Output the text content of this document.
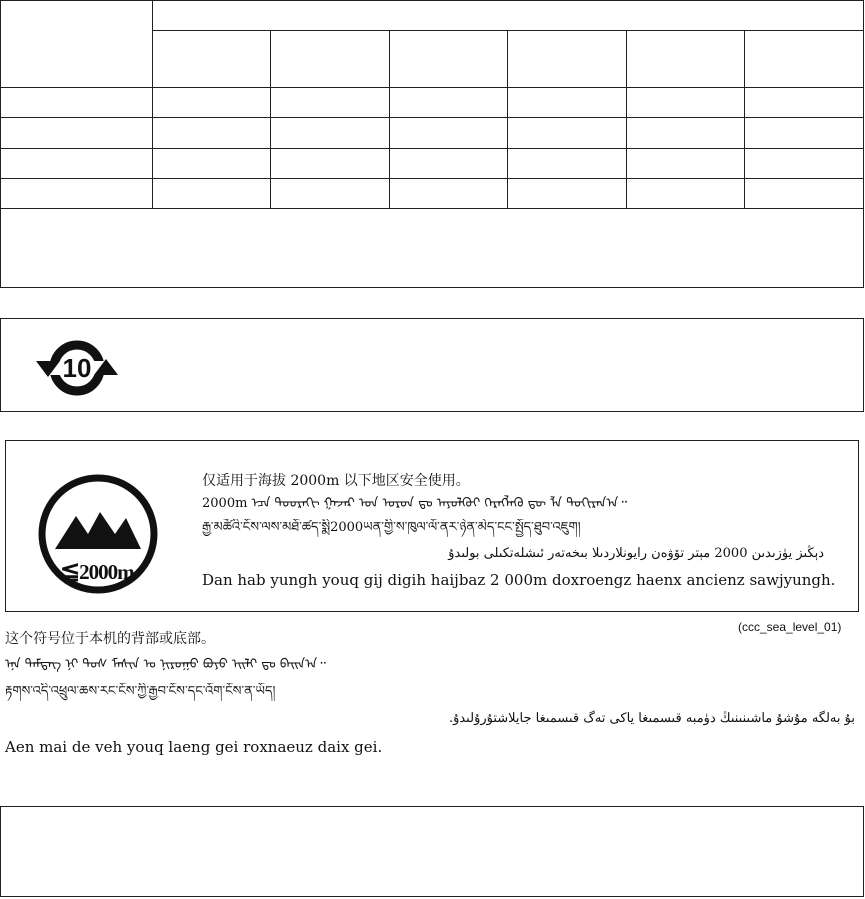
10
≦2000m
仅适用于海拔 2000m 以下地区安全使用。
2000m ᠡᠴᠡ ᠳᠣᠣᠷᠠᠬᠢ ᠭᠠᠵᠠᠷ ᠤᠨ ᠣᠷᠣᠨ ᠳᠤ ᠠᠶᠤᠯᠭᠦᠢ ᠬᠡᠷᠡᠭᠯᠡᠬᠦ ᠳᠦ ᠯᠡ ᠲᠣᠬᠢᠷᠠᠨ᠎ᠠ᠃
རྒྱ་མཚོའི་ངོས་ལས་མཐོ་ཚད་སྨི2000ཡན་གྱི་ས་ཁུལ་ལོ་ནར་ཉེན་མེད་ངང་སྤྱོད་ཐུབ་འཇུག།
دېڭىز يۈزىدىن 2000 مېتر تۆۋەن رايونلاردىلا بىخەتەر ئىشلەتكىلى بولىدۇ
Dan hab yungh youq gij digih haijbaz 2 000m doxroengz haenx ancienz sawjyungh.
(ccc_sea_level_01)
这个符号位于本机的背部或底部。
ᠡᠨᠡ ᠲᠡᠮᠳᠡᠭ ᠨᠢ ᠲᠤᠰ ᠮᠠᠰᠢᠨ ᠤ ᠨᠢᠷᠤᠭᠤ ᠪᠤᠶᠤ ᠡᠢᠯᠢ ᠳᠤ ᠪᠠᠢᠨ᠎ᠠ᠃
རྟགས་འདི་འཕྲུལ་ཆས་རང་ངོས་ཀྱི་རྒྱབ་ངོས་དང་འོག་ངོས་ན་ཡོད།
بۇ بەلگە مۇشۇ ماشىنىنىڭ دۈمبە قىسمىغا ياكى تەگ قىسمىغا جايلاشتۇرۇلىدۇ.
Aen mai de veh youq laeng gei roxnaeuz daix gei.
